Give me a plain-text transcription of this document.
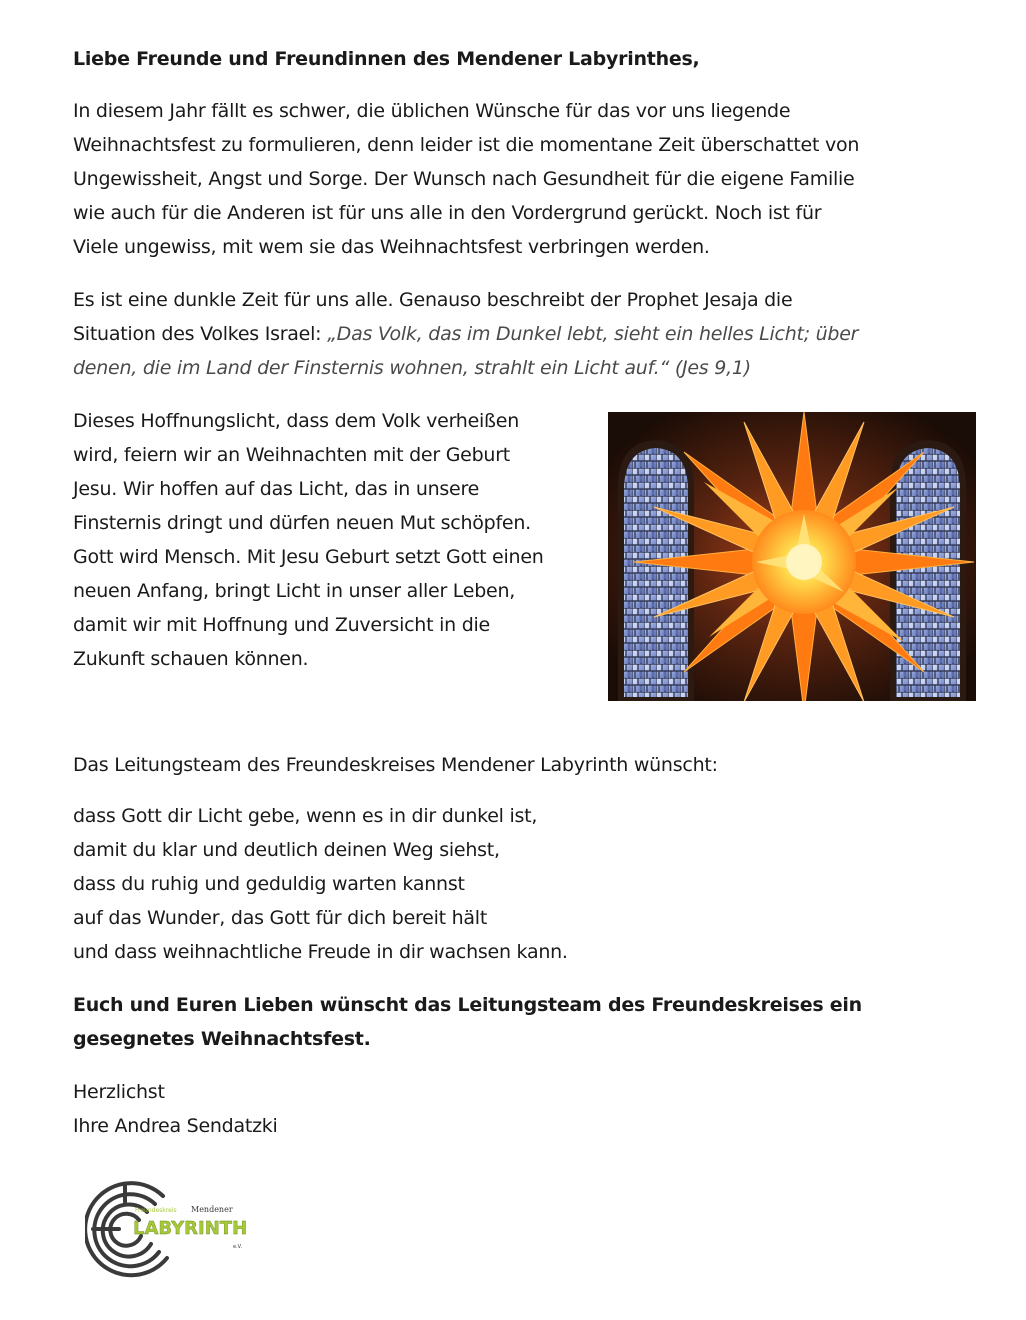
Liebe Freunde und Freundinnen des Mendener Labyrinthes,
In diesem Jahr fällt es schwer, die üblichen Wünsche für das vor uns liegende
Weihnachtsfest zu formulieren, denn leider ist die momentane Zeit überschattet von
Ungewissheit, Angst und Sorge. Der Wunsch nach Gesundheit für die eigene Familie
wie auch für die Anderen ist für uns alle in den Vordergrund gerückt. Noch ist für
Viele ungewiss, mit wem sie das Weihnachtsfest verbringen werden.
Es ist eine dunkle Zeit für uns alle. Genauso beschreibt der Prophet Jesaja die
Situation des Volkes Israel: „Das Volk, das im Dunkel lebt, sieht ein helles Licht; über
denen, die im Land der Finsternis wohnen, strahlt ein Licht auf.“ (Jes 9,1)
Dieses Hoffnungslicht, dass dem Volk verheißen
wird, feiern wir an Weihnachten mit der Geburt
Jesu. Wir hoffen auf das Licht, das in unsere
Finsternis dringt und dürfen neuen Mut schöpfen.
Gott wird Mensch. Mit Jesu Geburt setzt Gott einen
neuen Anfang, bringt Licht in unser aller Leben,
damit wir mit Hoffnung und Zuversicht in die
Zukunft schauen können.
Das Leitungsteam des Freundeskreises Mendener Labyrinth wünscht:
dass Gott dir Licht gebe, wenn es in dir dunkel ist,
damit du klar und deutlich deinen Weg siehst,
dass du ruhig und geduldig warten kannst
auf das Wunder, das Gott für dich bereit hält
und dass weihnachtliche Freude in dir wachsen kann.
Euch und Euren Lieben wünscht das Leitungsteam des Freundeskreises ein
gesegnetes Weihnachtsfest.
Herzlichst
Ihre Andrea Sendatzki
Freundeskreis Mendener
LABYRINTH
e.V.
